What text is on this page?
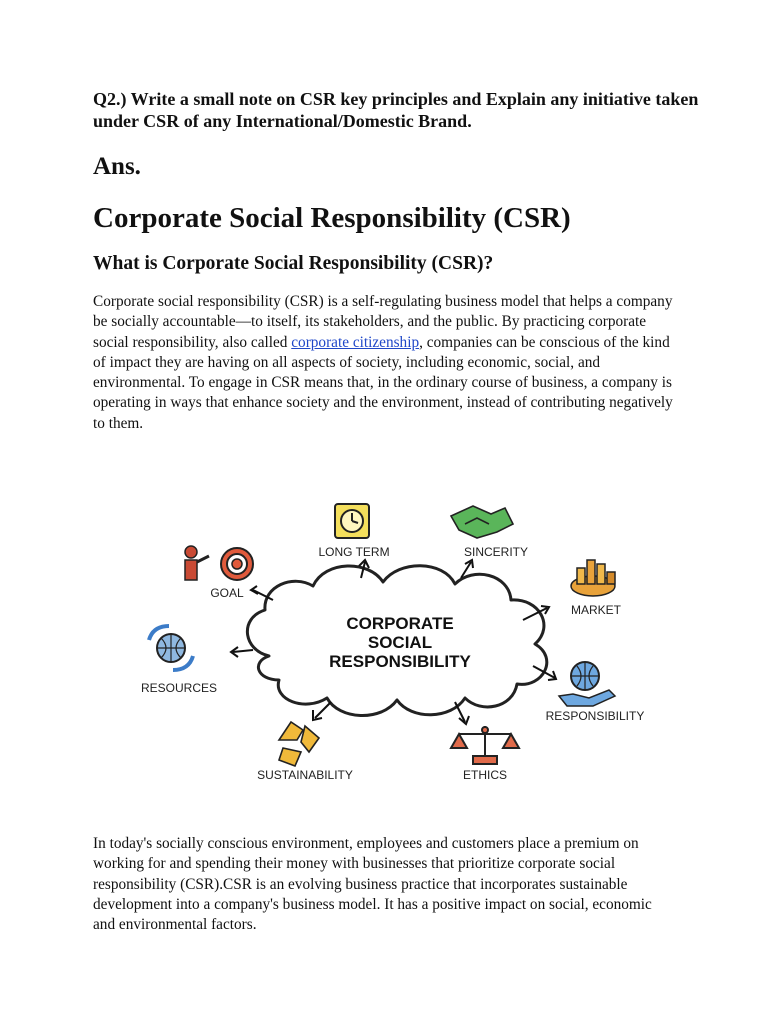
Q2.) Write a small note on CSR key principles and Explain any initiative taken under CSR of any International/Domestic Brand.

Ans.

Corporate Social Responsibility (CSR)
What is Corporate Social Responsibility (CSR)?

Corporate social responsibility (CSR) is a self-regulating business model that helps a company be socially accountable—to itself, its stakeholders, and the public. By practicing corporate social responsibility, also called corporate citizenship, companies can be conscious of the kind of impact they are having on all aspects of society, including economic, social, and environmental. To engage in CSR means that, in the ordinary course of business, a company is operating in ways that enhance society and the environment, instead of contributing negatively to them.

CORPORATE
SOCIAL
RESPONSIBILITY
LONG TERM	SINCERITY
GOAL
MARKET
RESOURCES
RESPONSIBILITY
SUSTAINABILITY	ETHICS

In today's socially conscious environment, employees and customers place a premium on working for and spending their money with businesses that prioritize corporate social responsibility (CSR).CSR is an evolving business practice that incorporates sustainable development into a company's business model. It has a positive impact on social, economic and environmental factors.
